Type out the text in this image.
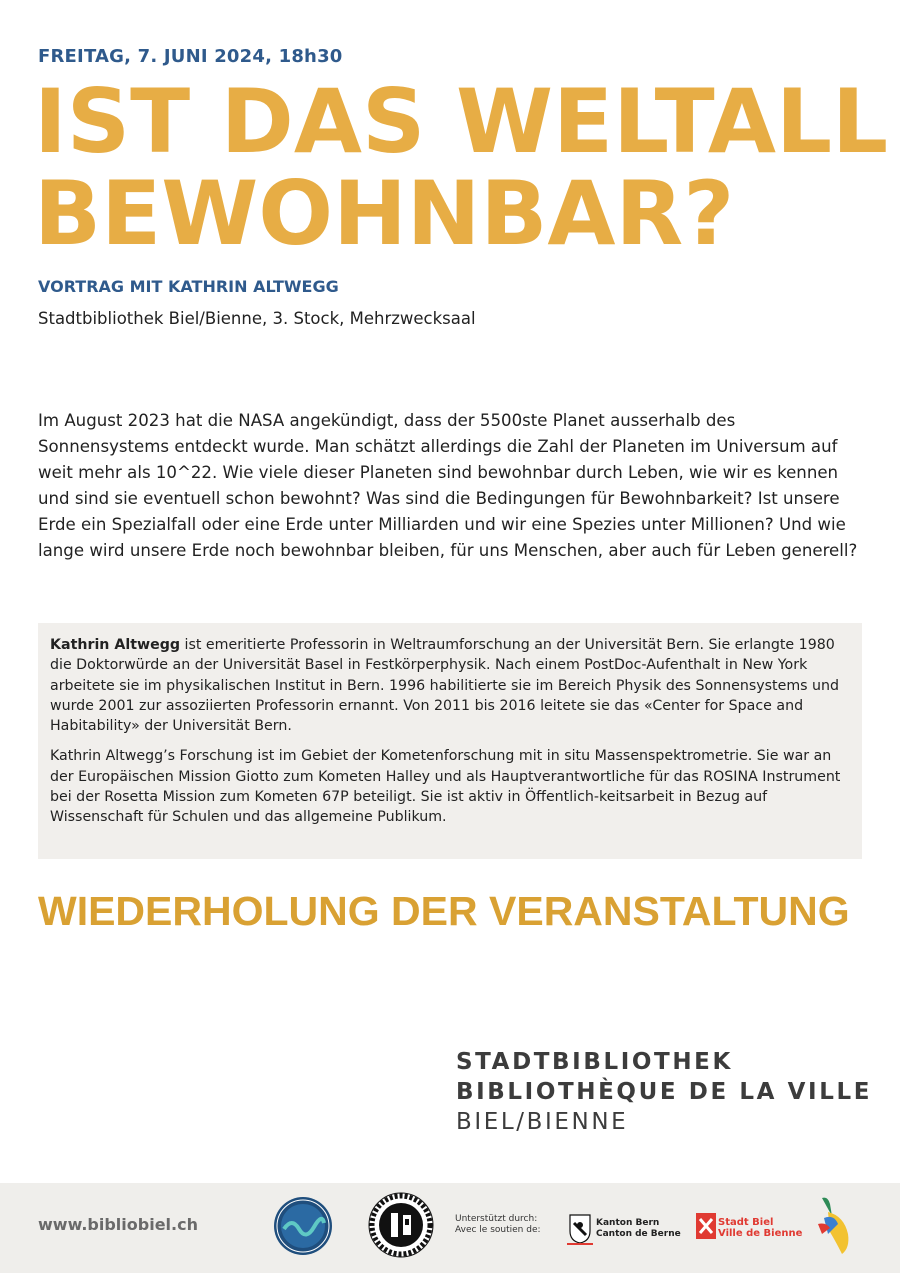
FREITAG, 7. JUNI 2024, 18h30
IST DAS WELTALL
BEWOHNBAR?
VORTRAG MIT KATHRIN ALTWEGG
Stadtbibliothek Biel/Bienne, 3. Stock, Mehrzwecksaal
Im August 2023 hat die NASA angekündigt, dass der 5500ste Planet ausserhalb des Sonnensystems entdeckt wurde. Man schätzt allerdings die Zahl der Planeten im Universum auf weit mehr als 10^22. Wie viele dieser Planeten sind bewohnbar durch Leben, wie wir es kennen und sind sie eventuell schon bewohnt? Was sind die Bedingungen für Bewohnbarkeit? Ist unsere Erde ein Spezialfall oder eine Erde unter Milliarden und wir eine Spezies unter Millionen? Und wie lange wird unsere Erde noch bewohnbar bleiben, für uns Menschen, aber auch für Leben generell?

Kathrin Altwegg ist emeritierte Professorin in Weltraumforschung an der Universität Bern. Sie erlangte 1980 die Doktorwürde an der Universität Basel in Festkörperphysik. Nach einem PostDoc-Aufenthalt in New York arbeitete sie im physikalischen Institut in Bern. 1996 habilitierte sie im Bereich Physik des Sonnensystems und wurde 2001 zur assoziierten Professorin ernannt. Von 2011 bis 2016 leitete sie das «Center for Space and Habitability» der Universität Bern.

Kathrin Altwegg’s Forschung ist im Gebiet der Kometenforschung mit in situ Massenspektrometrie. Sie war an der Europäischen Mission Giotto zum Kometen Halley und als Hauptverantwortliche für das ROSINA Instrument bei der Rosetta Mission zum Kometen 67P beteiligt. Sie ist aktiv in Öffentlich-keitsarbeit in Bezug auf Wissenschaft für Schulen und das allgemeine Publikum.

WIEDERHOLUNG DER VERANSTALTUNG
STADTBIBLIOTHEK
BIBLIOTHÈQUE DE LA VILLE
BIEL/BIENNE
www.bibliobiel.ch	Unterstützt durch:
Avec le soutien de:
Kanton Bern
Canton de Berne
Stadt Biel
Ville de Bienne
